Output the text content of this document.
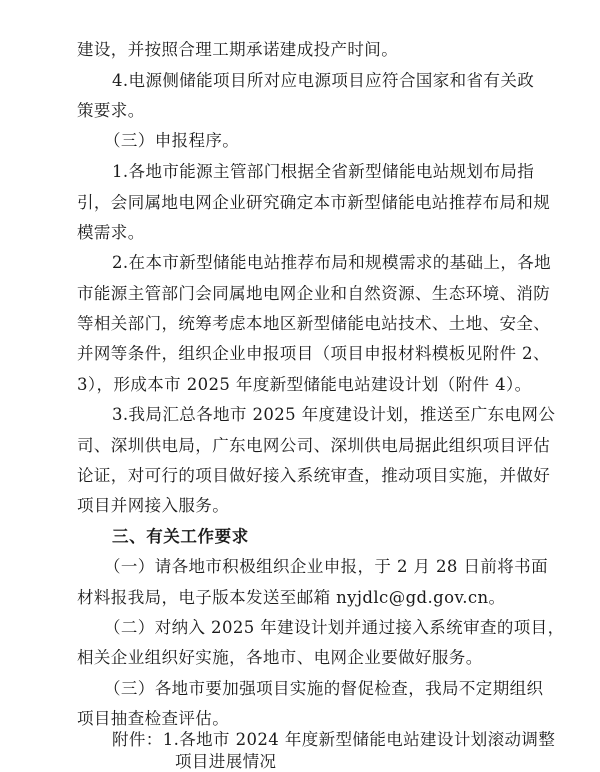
建设，并按照合理工期承诺建成投产时间。
4.电源侧储能项目所对应电源项目应符合国家和省有关政
策要求。
（三）申报程序。
1.各地市能源主管部门根据全省新型储能电站规划布局指
引，会同属地电网企业研究确定本市新型储能电站推荐布局和规
模需求。
2.在本市新型储能电站推荐布局和规模需求的基础上，各地
市能源主管部门会同属地电网企业和自然资源、生态环境、消防
等相关部门，统筹考虑本地区新型储能电站技术、土地、安全、
并网等条件，组织企业申报项目（项目申报材料模板见附件 2、
3），形成本市 2025 年度新型储能电站建设计划（附件 4）。
3.我局汇总各地市 2025 年度建设计划，推送至广东电网公
司、深圳供电局，广东电网公司、深圳供电局据此组织项目评估
论证，对可行的项目做好接入系统审查，推动项目实施，并做好
项目并网接入服务。
三、有关工作要求
（一）请各地市积极组织企业申报，于 2 月 28 日前将书面
材料报我局，电子版本发送至邮箱 nyjdlc@gd.gov.cn。
（二）对纳入 2025 年建设计划并通过接入系统审查的项目，
相关企业组织好实施，各地市、电网企业要做好服务。
（三）各地市要加强项目实施的督促检查，我局不定期组织
项目抽查检查评估。
附件：1.各地市 2024 年度新型储能电站建设计划滚动调整
项目进展情况
